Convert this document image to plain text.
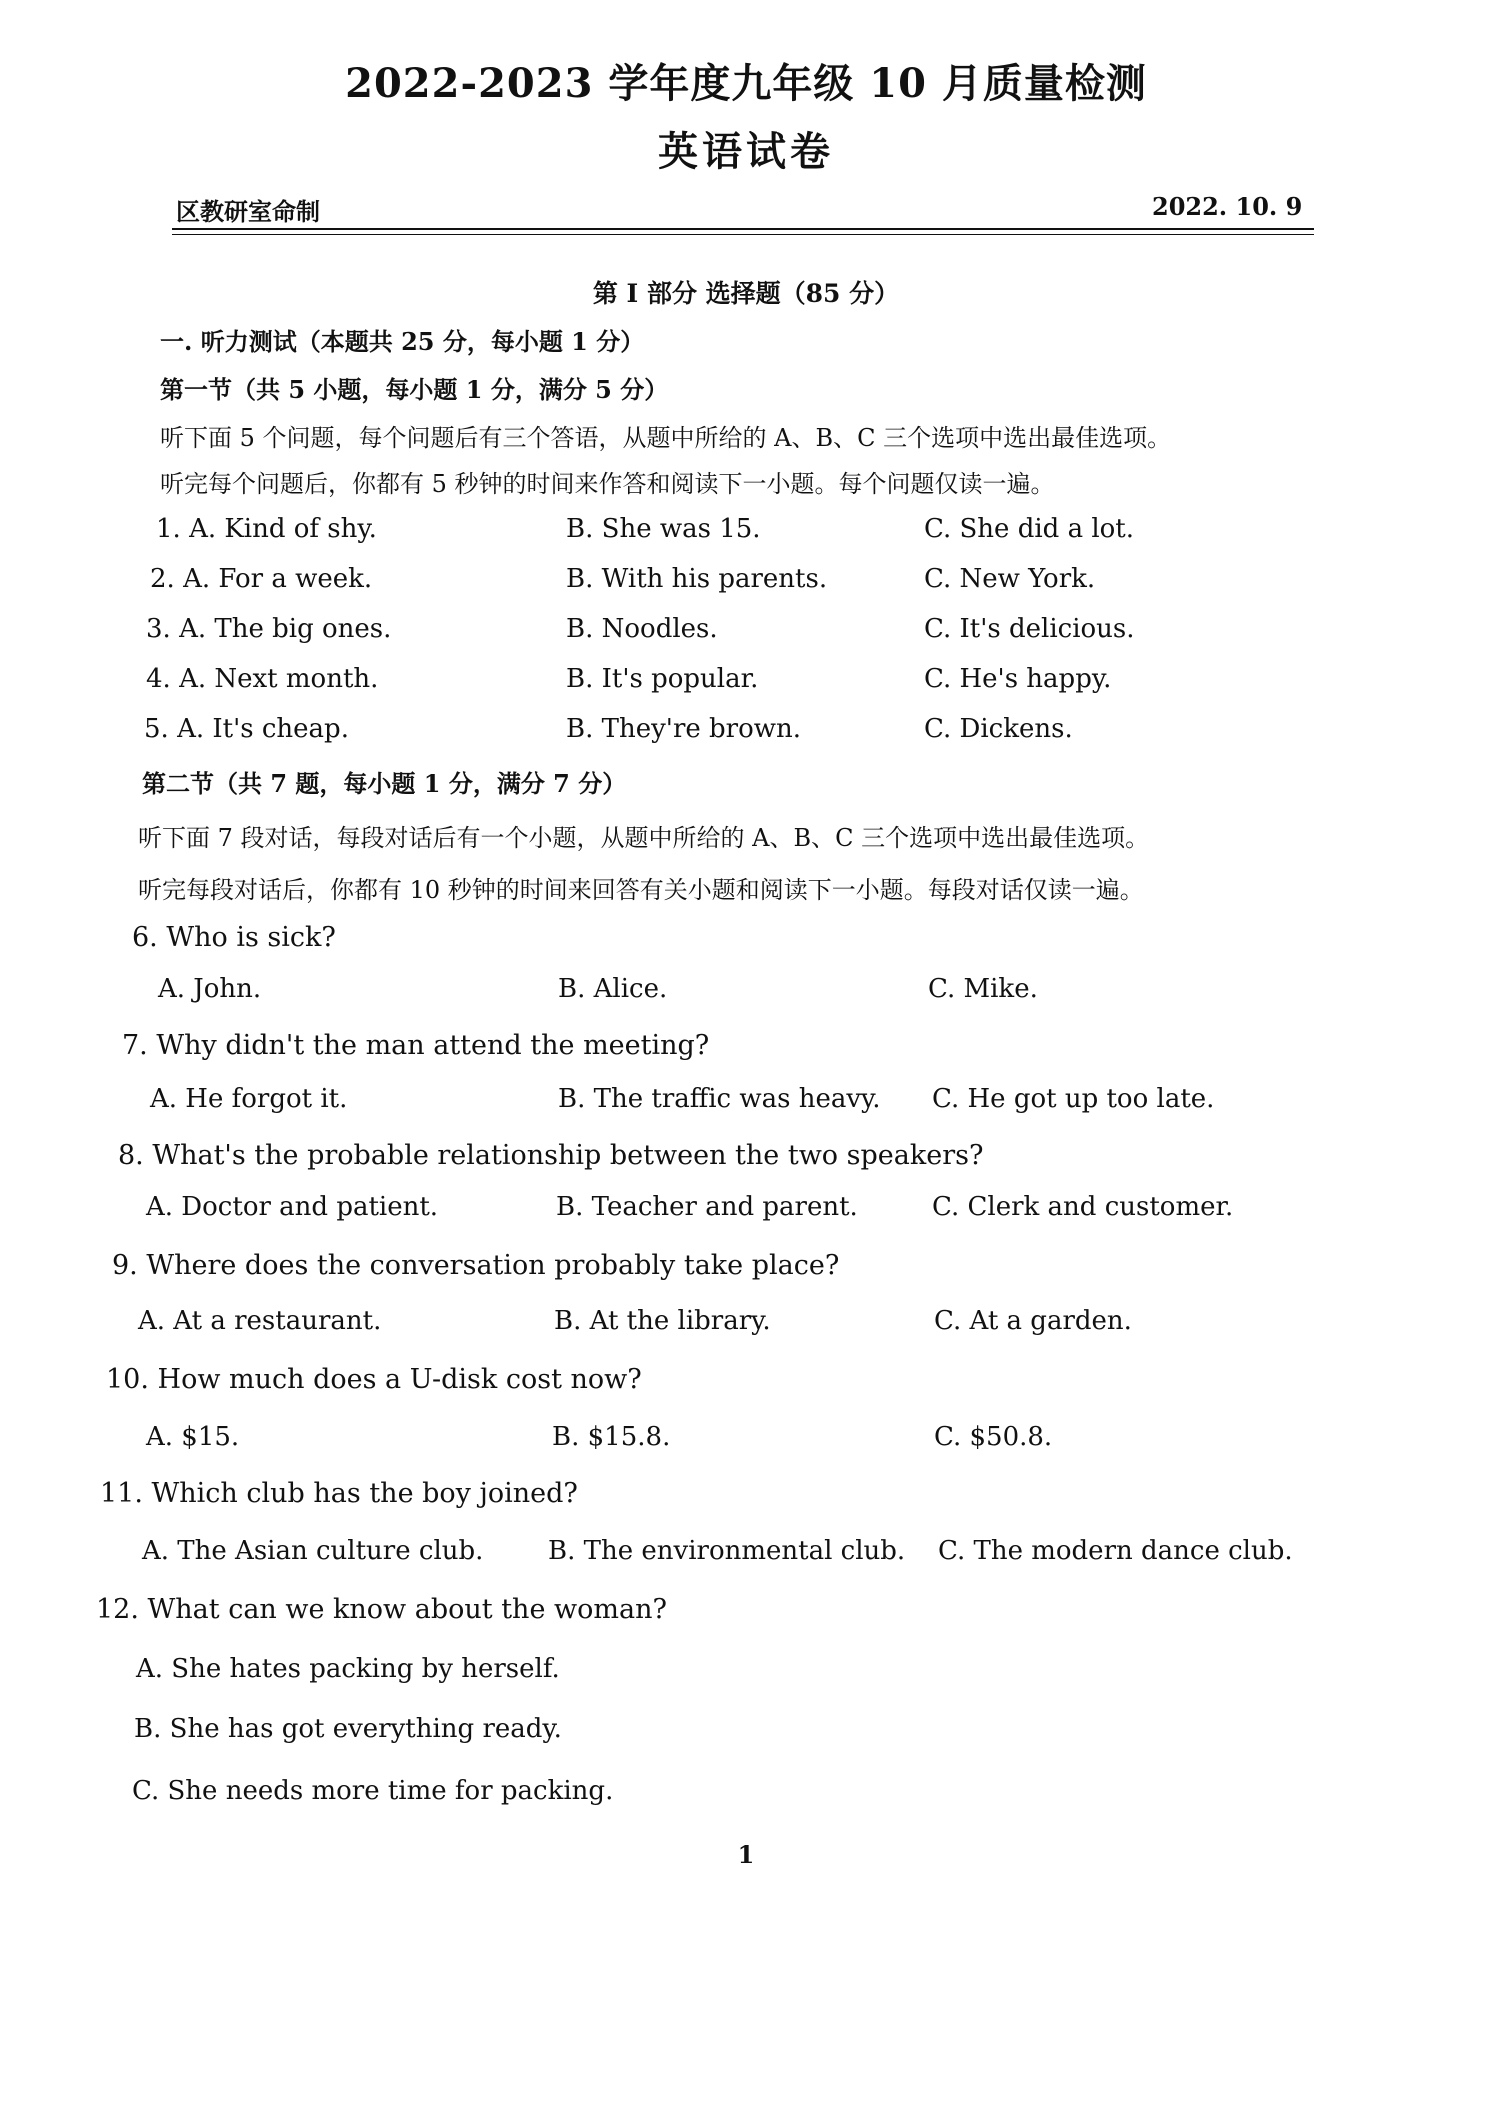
2022-2023 学年度九年级 10 月质量检测
英语试卷
区教研室命制	2022. 10. 9
第 I 部分 选择题（85 分）
一. 听力测试（本题共 25 分，每小题 1 分）
第一节（共 5 小题，每小题 1 分，满分 5 分）
听下面 5 个问题，每个问题后有三个答语，从题中所给的 A、B、C 三个选项中选出最佳选项。
听完每个问题后，你都有 5 秒钟的时间来作答和阅读下一小题。每个问题仅读一遍。
1. A. Kind of shy.	B. She was 15.	C. She did a lot.
2. A. For a week.	B. With his parents.	C. New York.
3. A. The big ones.	B. Noodles.	C. It's delicious.
4. A. Next month.	B. It's popular.	C. He's happy.
5. A. It's cheap.	B. They're brown.	C. Dickens.
第二节（共 7 题，每小题 1 分，满分 7 分）
听下面 7 段对话，每段对话后有一个小题，从题中所给的 A、B、C 三个选项中选出最佳选项。
听完每段对话后，你都有 10 秒钟的时间来回答有关小题和阅读下一小题。每段对话仅读一遍。
6. Who is sick?
A. John.	B. Alice.	C. Mike.
7. Why didn't the man attend the meeting?
A. He forgot it.	B. The traffic was heavy. C. He got up too late.
8. What's the probable relationship between the two speakers?
A. Doctor and patient.	B. Teacher and parent.	C. Clerk and customer.
9. Where does the conversation probably take place?
A. At a restaurant.	B. At the library.	C. At a garden.
10. How much does a U-disk cost now?
A. $15.	B. $15.8.	C. $50.8.
11. Which club has the boy joined?
A. The Asian culture club. B. The environmental club. C. The modern dance club.
12. What can we know about the woman?
A. She hates packing by herself.
B. She has got everything ready.
C. She needs more time for packing.
1
